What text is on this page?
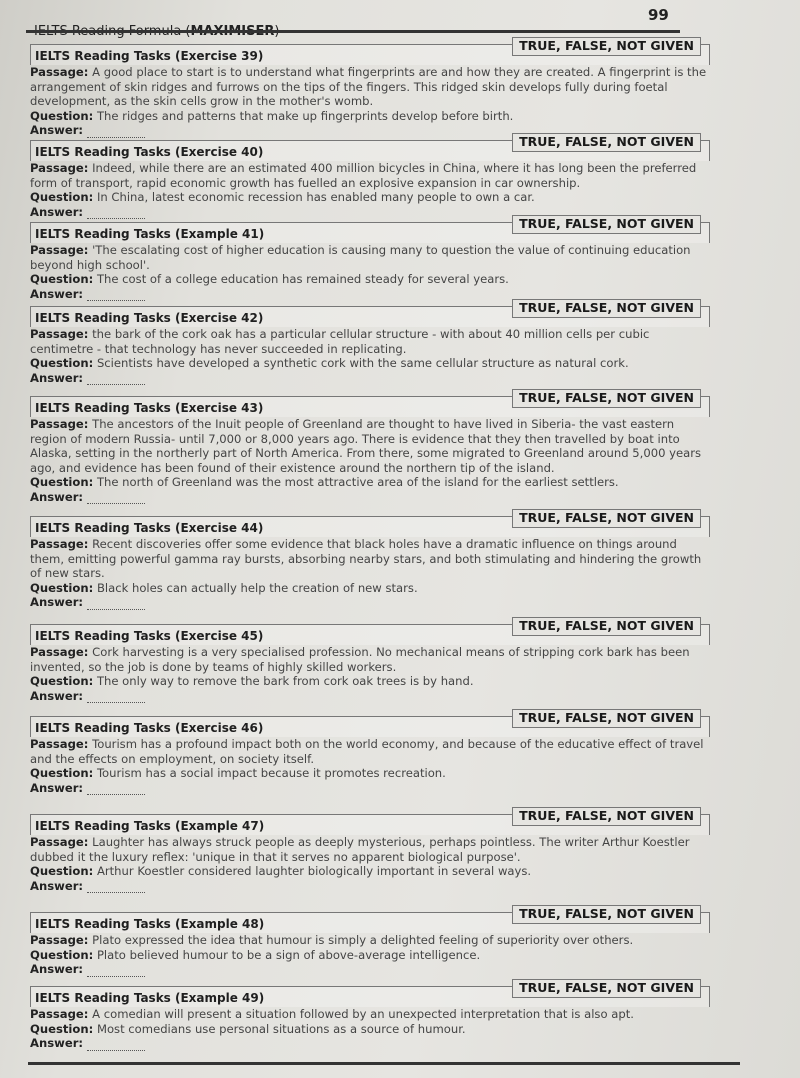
99
IELTS Reading Formula (MAXIMISER)
IELTS Reading Tasks (Exercise 39)
TRUE, FALSE, NOT GIVEN
Passage: A good place to start is to understand what fingerprints are and how they are created. A fingerprint is the arrangement of skin ridges and furrows on the tips of the fingers. This ridged skin develops fully during foetal development, as the skin cells grow in the mother's womb.
Question: The ridges and patterns that make up fingerprints develop before birth.
Answer:
IELTS Reading Tasks (Exercise 40)
TRUE, FALSE, NOT GIVEN
Passage: Indeed, while there are an estimated 400 million bicycles in China, where it has long been the preferred form of transport, rapid economic growth has fuelled an explosive expansion in car ownership.
Question: In China, latest economic recession has enabled many people to own a car.
Answer:
IELTS Reading Tasks (Example 41)
TRUE, FALSE, NOT GIVEN
Passage: 'The escalating cost of higher education is causing many to question the value of continuing education beyond high school'.
Question: The cost of a college education has remained steady for several years.
Answer:
IELTS Reading Tasks (Exercise 42)
TRUE, FALSE, NOT GIVEN
Passage: the bark of the cork oak has a particular cellular structure - with about 40 million cells per cubic centimetre - that technology has never succeeded in replicating.
Question: Scientists have developed a synthetic cork with the same cellular structure as natural cork.
Answer:
IELTS Reading Tasks (Exercise 43)
TRUE, FALSE, NOT GIVEN
Passage: The ancestors of the Inuit people of Greenland are thought to have lived in Siberia- the vast eastern region of modern Russia- until 7,000 or 8,000 years ago. There is evidence that they then travelled by boat into Alaska, setting in the northerly part of North America. From there, some migrated to Greenland around 5,000 years ago, and evidence has been found of their existence around the northern tip of the island.
Question: The north of Greenland was the most attractive area of the island for the earliest settlers.
Answer:
IELTS Reading Tasks (Exercise 44)
TRUE, FALSE, NOT GIVEN
Passage: Recent discoveries offer some evidence that black holes have a dramatic influence on things around them, emitting powerful gamma ray bursts, absorbing nearby stars, and both stimulating and hindering the growth of new stars.
Question: Black holes can actually help the creation of new stars.
Answer:
IELTS Reading Tasks (Exercise 45)
TRUE, FALSE, NOT GIVEN
Passage: Cork harvesting is a very specialised profession. No mechanical means of stripping cork bark has been invented, so the job is done by teams of highly skilled workers.
Question: The only way to remove the bark from cork oak trees is by hand.
Answer:
IELTS Reading Tasks (Exercise 46)
TRUE, FALSE, NOT GIVEN
Passage: Tourism has a profound impact both on the world economy, and because of the educative effect of travel and the effects on employment, on society itself.
Question: Tourism has a social impact because it promotes recreation.
Answer:
IELTS Reading Tasks (Example 47)
TRUE, FALSE, NOT GIVEN
Passage: Laughter has always struck people as deeply mysterious, perhaps pointless. The writer Arthur Koestler dubbed it the luxury reflex: 'unique in that it serves no apparent biological purpose'.
Question: Arthur Koestler considered laughter biologically important in several ways.
Answer:
IELTS Reading Tasks (Example 48)
TRUE, FALSE, NOT GIVEN
Passage: Plato expressed the idea that humour is simply a delighted feeling of superiority over others.
Question: Plato believed humour to be a sign of above-average intelligence.
Answer:
IELTS Reading Tasks (Example 49)
TRUE, FALSE, NOT GIVEN
Passage: A comedian will present a situation followed by an unexpected interpretation that is also apt.
Question: Most comedians use personal situations as a source of humour.
Answer:
